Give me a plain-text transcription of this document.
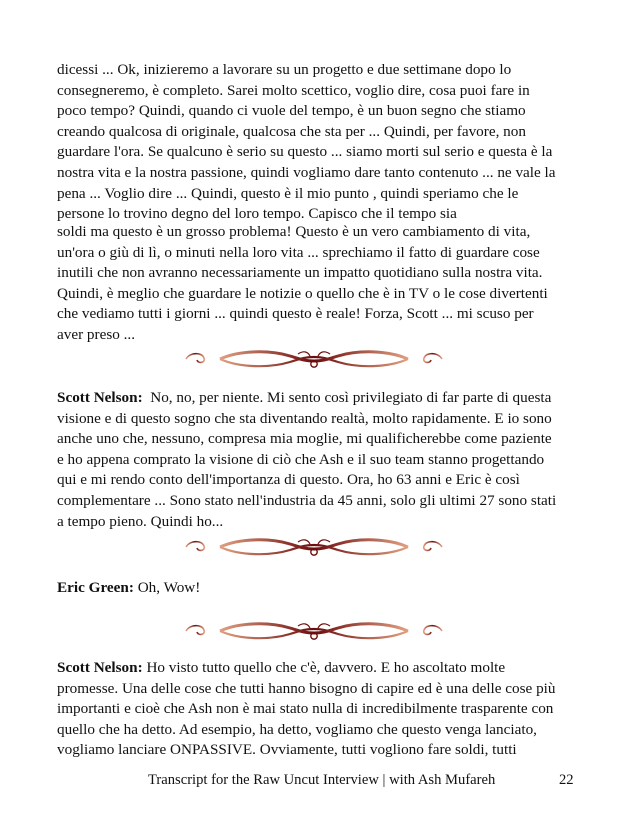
dicessi ... Ok, inizieremo a lavorare su un progetto e due settimane dopo lo
consegneremo, è completo. Sarei molto scettico, voglio dire, cosa puoi fare in
poco tempo? Quindi, quando ci vuole del tempo, è un buon segno che stiamo
creando qualcosa di originale, qualcosa che sta per ... Quindi, per favore, non
guardare l'ora. Se qualcuno è serio su questo ... siamo morti sul serio e questa è la
nostra vita e la nostra passione, quindi vogliamo dare tanto contenuto ... ne vale la
pena ... Voglio dire ... Quindi, questo è il mio punto , quindi speriamo che le
persone lo trovino degno del loro tempo. Capisco che il tempo sia
soldi ma questo è un grosso problema! Questo è un vero cambiamento di vita,
un'ora o giù di lì, o minuti nella loro vita ... sprechiamo il fatto di guardare cose
inutili che non avranno necessariamente un impatto quotidiano sulla nostra vita.
Quindi, è meglio che guardare le notizie o quello che è in TV o le cose divertenti
che vediamo tutti i giorni ... quindi questo è reale! Forza, Scott ... mi scuso per
aver preso ...
Scott Nelson:  No, no, per niente. Mi sento così privilegiato di far parte di questa
visione e di questo sogno che sta diventando realtà, molto rapidamente. E io sono
anche uno che, nessuno, compresa mia moglie, mi qualificherebbe come paziente
e ho appena comprato la visione di ciò che Ash e il suo team stanno progettando
qui e mi rendo conto dell'importanza di questo. Ora, ho 63 anni e Eric è così
complementare ... Sono stato nell'industria da 45 anni, solo gli ultimi 27 sono stati
a tempo pieno. Quindi ho...
Eric Green: Oh, Wow!
Scott Nelson: Ho visto tutto quello che c'è, davvero. E ho ascoltato molte
promesse. Una delle cose che tutti hanno bisogno di capire ed è una delle cose più
importanti e cioè che Ash non è mai stato nulla di incredibilmente trasparente con
quello che ha detto. Ad esempio, ha detto, vogliamo che questo venga lanciato,
vogliamo lanciare ONPASSIVE. Ovviamente, tutti vogliono fare soldi, tutti
Transcript for the Raw Uncut Interview | with Ash Mufareh	22
